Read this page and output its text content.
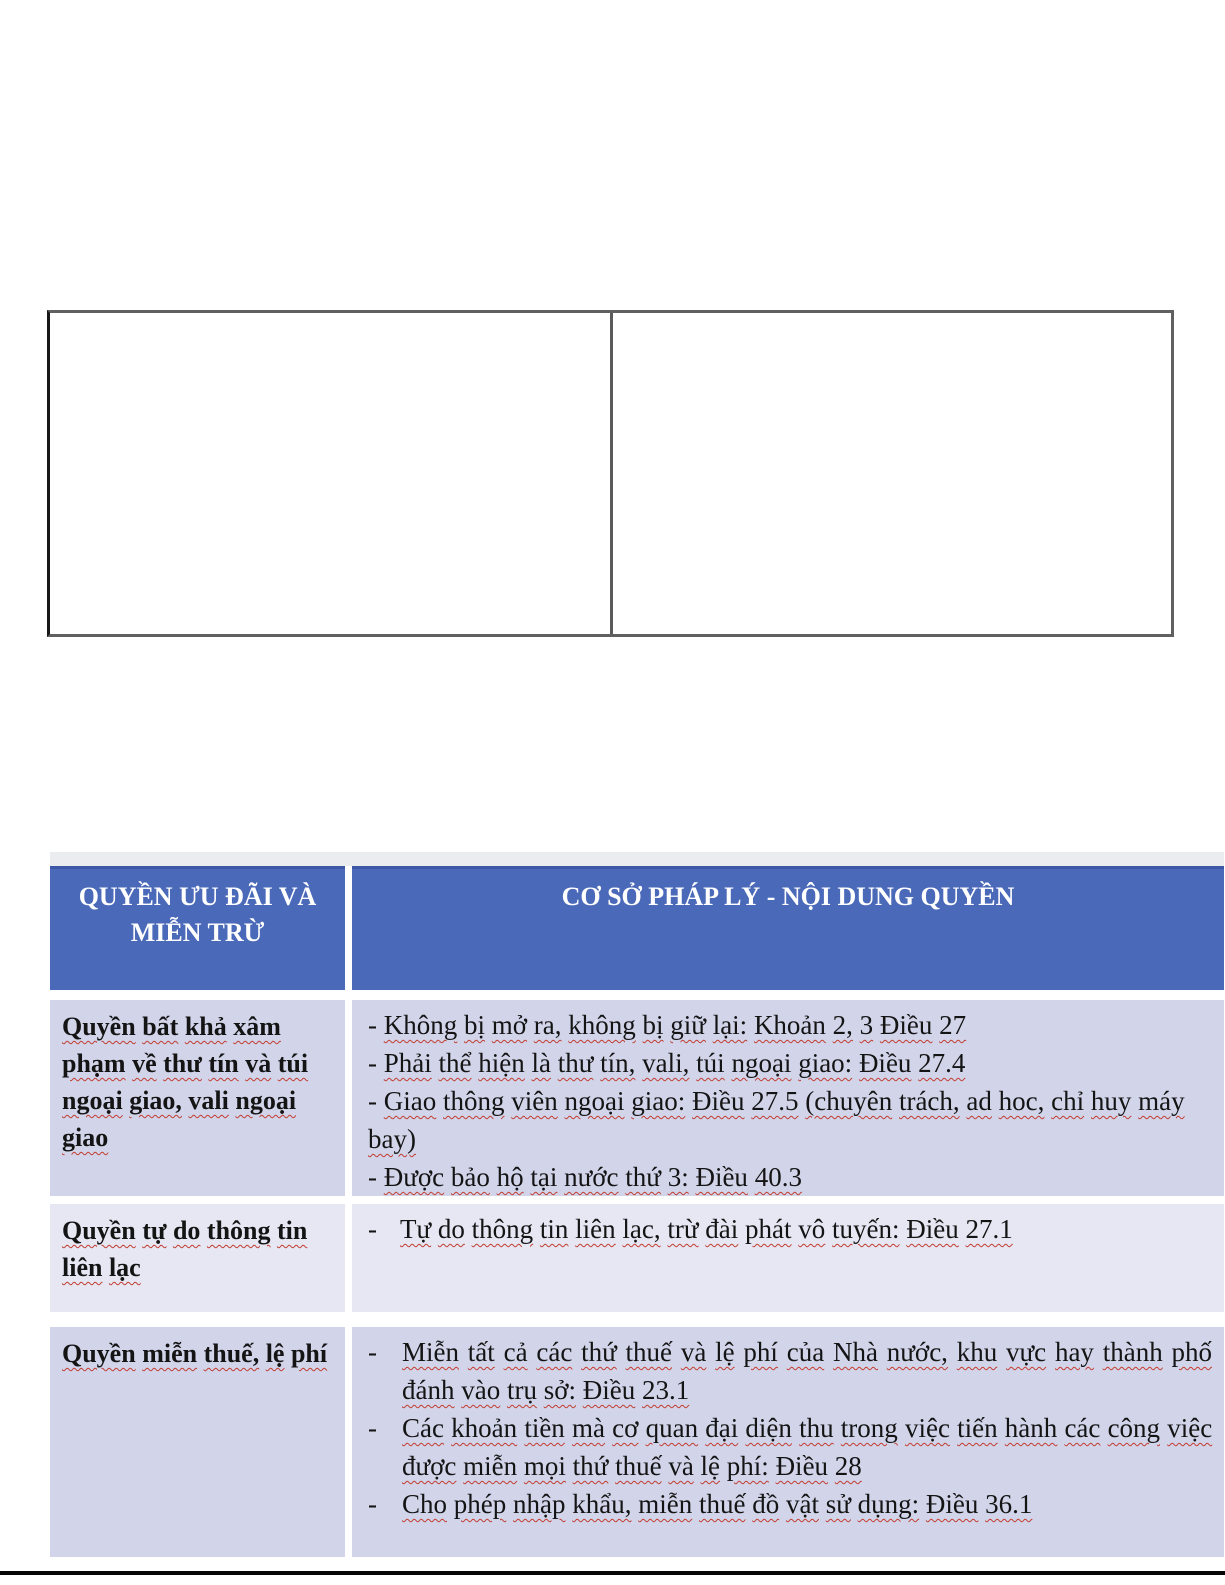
QUYỀN ƯU ĐÃI VÀ MIỄN TRỪ
CƠ SỞ PHÁP LÝ - NỘI DUNG QUYỀN
Quyền bất khả xâm phạm về thư tín và túi ngoại giao, vali ngoại giao
- Không bị mở ra, không bị giữ lại: Khoản 2, 3 Điều 27
- Phải thể hiện là thư tín, vali, túi ngoại giao: Điều 27.4
- Giao thông viên ngoại giao: Điều 27.5 (chuyên trách, ad hoc, chỉ huy máy bay)
- Được bảo hộ tại nước thứ 3: Điều 40.3
Quyền tự do thông tin liên lạc
- Tự do thông tin liên lạc, trừ đài phát vô tuyến: Điều 27.1
Quyền miễn thuế, lệ phí	- Miễn tất cả các thứ thuế và lệ phí của Nhà nước, khu vực hay thành phố đánh vào trụ sở: Điều 23.1
- Các khoản tiền mà cơ quan đại diện thu trong việc tiến hành các công việc được miễn mọi thứ thuế và lệ phí: Điều 28
- Cho phép nhập khẩu, miễn thuế đồ vật sử dụng: Điều 36.1
